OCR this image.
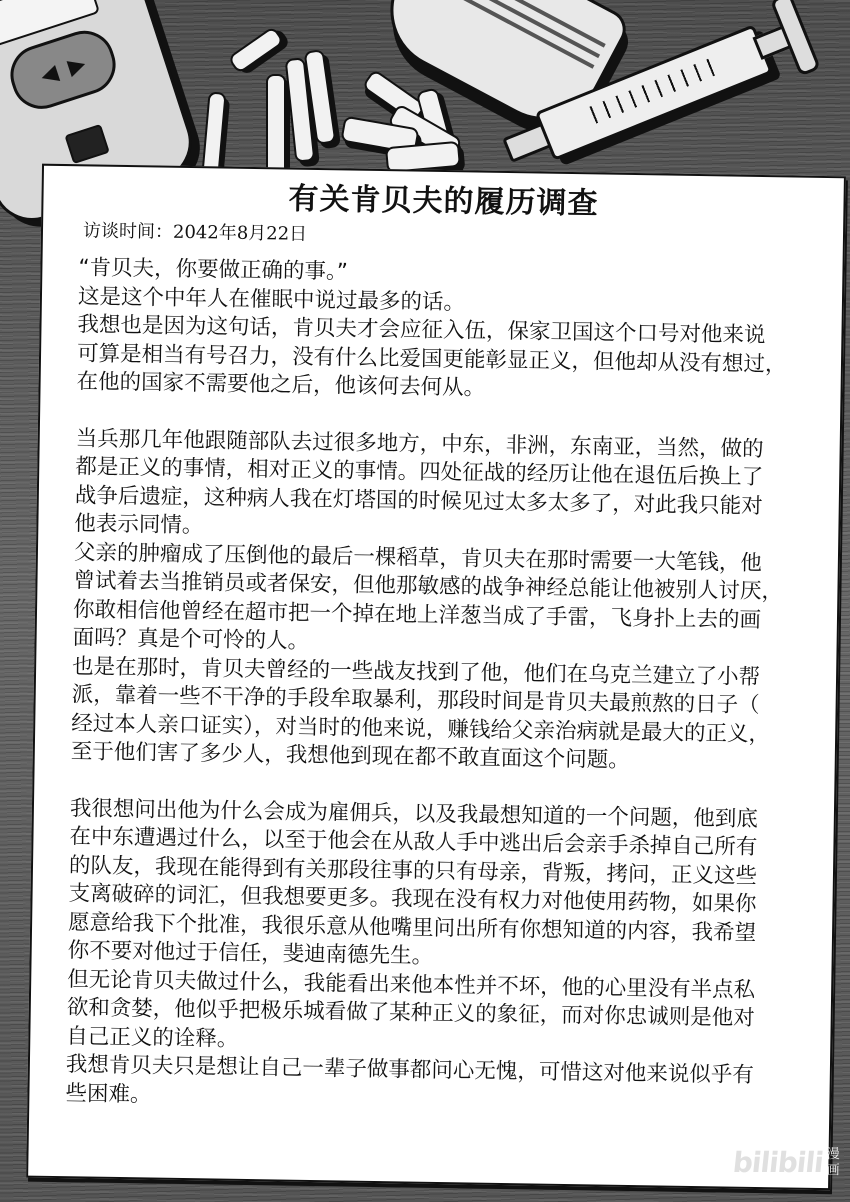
◀ ▶
有关肯贝夫的履历调查
访谈时间：2042年8月22日
“肯贝夫，你要做正确的事。”
这是这个中年人在催眠中说过最多的话。
我想也是因为这句话，肯贝夫才会应征入伍，保家卫国这个口号对他来说
可算是相当有号召力，没有什么比爱国更能彰显正义，但他却从没有想过，
在他的国家不需要他之后，他该何去何从。
当兵那几年他跟随部队去过很多地方，中东，非洲，东南亚，当然，做的
都是正义的事情，相对正义的事情。四处征战的经历让他在退伍后换上了
战争后遗症，这种病人我在灯塔国的时候见过太多太多了，对此我只能对
他表示同情。
父亲的肿瘤成了压倒他的最后一棵稻草，肯贝夫在那时需要一大笔钱，他
曾试着去当推销员或者保安，但他那敏感的战争神经总能让他被别人讨厌，
你敢相信他曾经在超市把一个掉在地上洋葱当成了手雷，飞身扑上去的画
面吗？真是个可怜的人。
也是在那时，肯贝夫曾经的一些战友找到了他，他们在乌克兰建立了小帮
派，靠着一些不干净的手段牟取暴利，那段时间是肯贝夫最煎熬的日子（
经过本人亲口证实），对当时的他来说，赚钱给父亲治病就是最大的正义，
至于他们害了多少人，我想他到现在都不敢直面这个问题。
我很想问出他为什么会成为雇佣兵，以及我最想知道的一个问题，他到底
在中东遭遇过什么，以至于他会在从敌人手中逃出后会亲手杀掉自己所有
的队友，我现在能得到有关那段往事的只有母亲，背叛，拷问，正义这些
支离破碎的词汇，但我想要更多。我现在没有权力对他使用药物，如果你
愿意给我下个批准，我很乐意从他嘴里问出所有你想知道的内容，我希望
你不要对他过于信任，斐迪南德先生。
但无论肯贝夫做过什么，我能看出来他本性并不坏，他的心里没有半点私
欲和贪婪，他似乎把极乐城看做了某种正义的象征，而对你忠诚则是他对
自己正义的诠释。
我想肯贝夫只是想让自己一辈子做事都问心无愧，可惜这对他来说似乎有
些困难。
bilibili 漫
画
